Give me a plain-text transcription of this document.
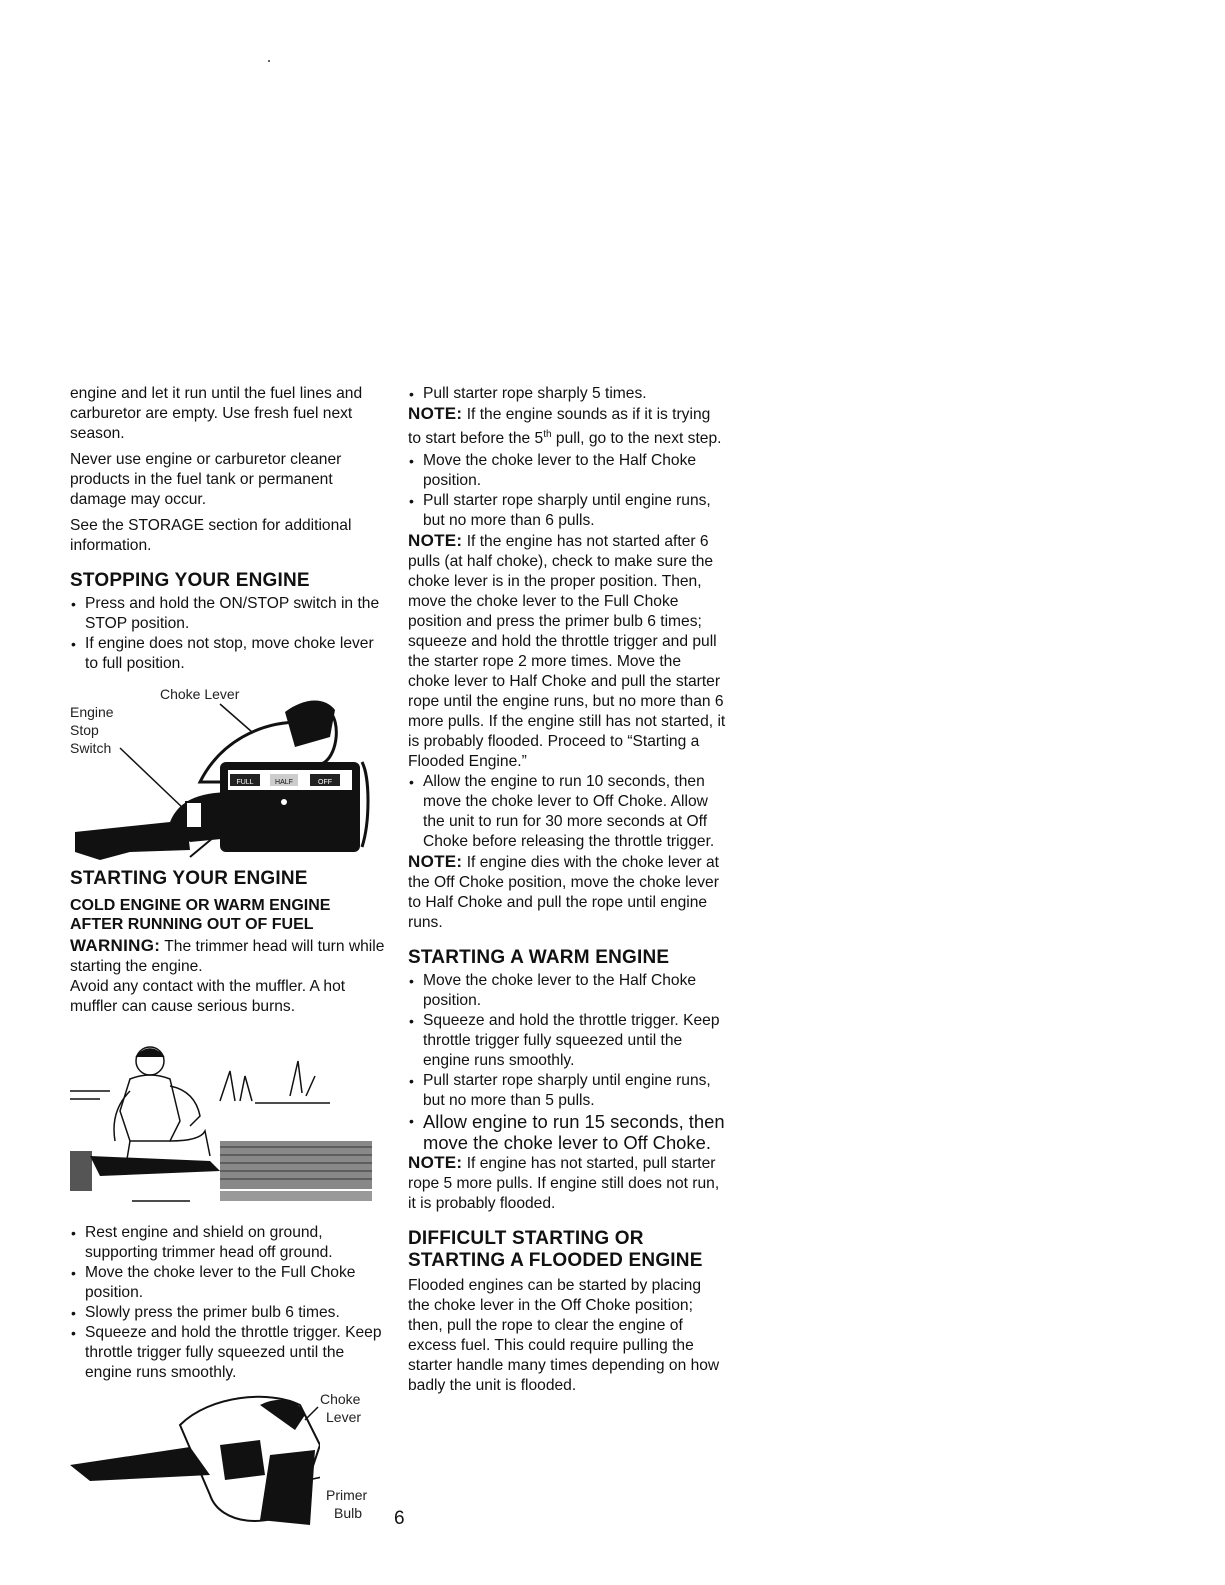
engine and let it run until the fuel lines and carburetor are empty. Use fresh fuel next season.

Never use engine or carburetor cleaner products in the fuel tank or permanent damage may occur.

See the STORAGE section for additional information.

STOPPING YOUR ENGINE
• Press and hold the ON/STOP switch in the STOP position.
• If engine does not stop, move choke lever to full position.
Engine
Stop
Switch
Choke Lever
FULL	HALF	OFF
STARTING YOUR ENGINE
COLD ENGINE OR WARM ENGINE
AFTER RUNNING OUT OF FUEL

WARNING: The trimmer head will turn while starting the engine.

Avoid any contact with the muffler. A hot muffler can cause serious burns.

• Rest engine and shield on ground, supporting trimmer head off ground.
• Move the choke lever to the Full Choke position.
• Slowly press the primer bulb 6 times.
• Squeeze and hold the throttle trigger. Keep throttle trigger fully squeezed until the engine runs smoothly.
Choke
Lever
Primer
Bulb
• Pull starter rope sharply 5 times.

NOTE: If the engine sounds as if it is trying to start before the 5th pull, go to the next step.

• Move the choke lever to the Half Choke position.
• Pull starter rope sharply until engine runs, but no more than 6 pulls.

NOTE: If the engine has not started after 6 pulls (at half choke), check to make sure the choke lever is in the proper position. Then, move the choke lever to the Full Choke position and press the primer bulb 6 times; squeeze and hold the throttle trigger and pull the starter rope 2 more times. Move the choke lever to Half Choke and pull the starter rope until the engine runs, but no more than 6 more pulls. If the engine still has not started, it is probably flooded. Proceed to “Starting a Flooded Engine.”

• Allow the engine to run 10 seconds, then move the choke lever to Off Choke. Allow the unit to run for 30 more seconds at Off Choke before releasing the throttle trigger.

NOTE: If engine dies with the choke lever at the Off Choke position, move the choke lever to Half Choke and pull the rope until engine runs.

STARTING A WARM ENGINE
• Move the choke lever to the Half Choke position.
• Squeeze and hold the throttle trigger. Keep throttle trigger fully squeezed until the engine runs smoothly.
• Pull starter rope sharply until engine runs, but no more than 5 pulls.
• Allow engine to run 15 seconds, then move the choke lever to Off Choke.

NOTE: If engine has not started, pull starter rope 5 more pulls. If engine still does not run, it is probably flooded.

DIFFICULT STARTING OR
STARTING A FLOODED ENGINE

Flooded engines can be started by placing the choke lever in the Off Choke position; then, pull the rope to clear the engine of excess fuel. This could require pulling the starter handle many times depending on how badly the unit is flooded.

6
